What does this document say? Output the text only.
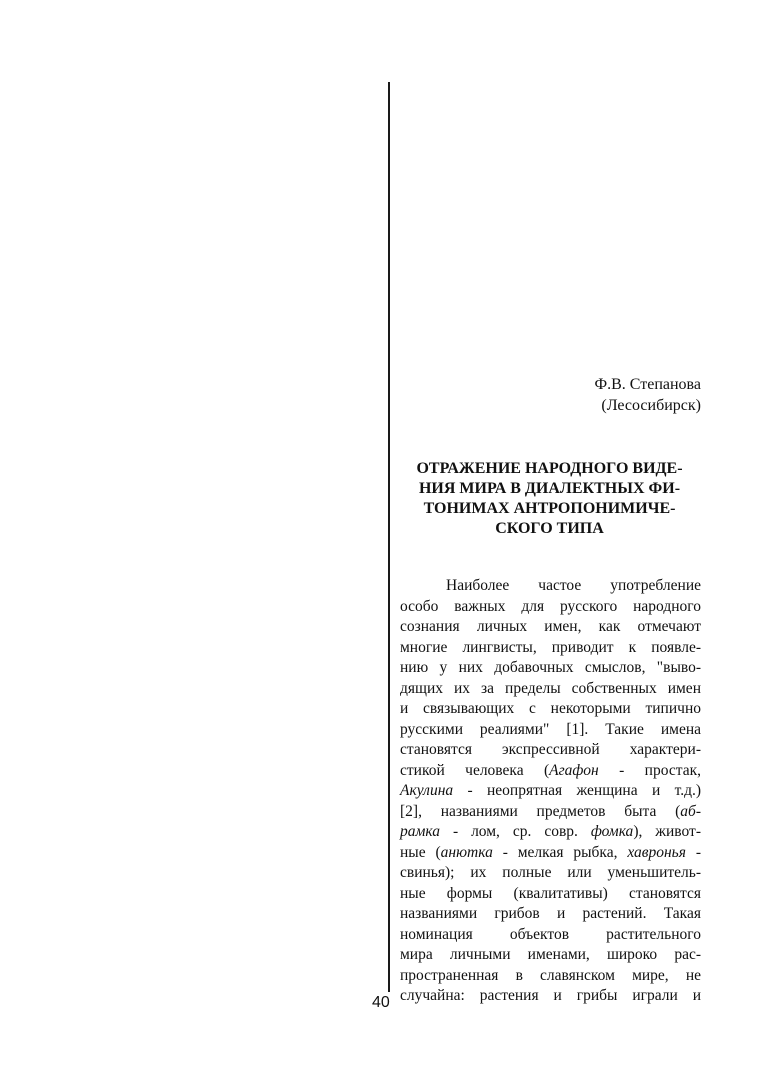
Ф.В. Степанова
(Лесосибирск)
ОТРАЖЕНИЕ НАРОДНОГО ВИДЕ-
НИЯ МИРА В ДИАЛЕКТНЫХ ФИ-
ТОНИМАХ АНТРОПОНИМИЧЕ-
СКОГО ТИПА
Наиболее частое употребление
особо важных для русского народного
сознания личных имен, как отмечают
многие лингвисты, приводит к появле-
нию у них добавочных смыслов, "выво-
дящих их за пределы собственных имен
и связывающих с некоторыми типично
русскими реалиями" [1]. Такие имена
становятся экспрессивной характери-
стикой человека (Агафон - простак,
Акулина - неопрятная женщина и т.д.)
[2], названиями предметов быта (аб-
рамка - лом, ср. совр. фомка), живот-
ные (анютка - мелкая рыбка, хавронья -
свинья); их полные или уменьшитель-
ные формы (квалитативы) становятся
названиями грибов и растений. Такая
номинация объектов растительного
мира личными именами, широко рас-
пространенная в славянском мире, не
случайна: растения и грибы играли и
40
